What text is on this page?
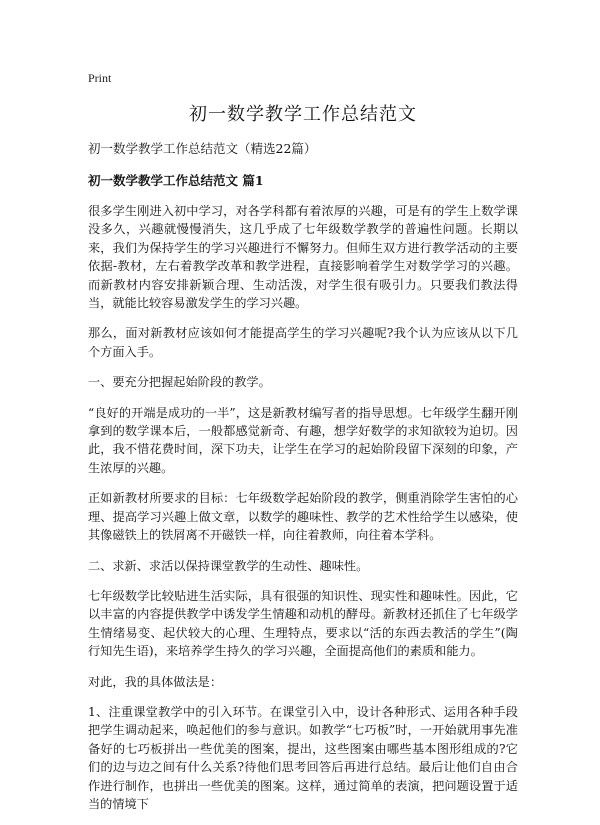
Print
初一数学教学工作总结范文
初一数学教学工作总结范文（精选22篇）
初一数学教学工作总结范文 篇1

很多学生刚进入初中学习，对各学科都有着浓厚的兴趣，可是有的学生上数学课没多久，兴趣就慢慢消失，这几乎成了七年级数学教学的普遍性问题。长期以来，我们为保持学生的学习兴趣进行不懈努力。但师生双方进行教学活动的主要依据-教材，左右着教学改革和教学进程，直接影响着学生对数学学习的兴趣。而新教材内容安排新颖合理、生动活泼，对学生很有吸引力。只要我们教法得当，就能比较容易激发学生的学习兴趣。

那么，面对新教材应该如何才能提高学生的学习兴趣呢?我个认为应该从以下几个方面入手。

一、要充分把握起始阶段的教学。

“良好的开端是成功的一半”，这是新教材编写者的指导思想。七年级学生翻开刚拿到的数学课本后，一般都感觉新奇、有趣，想学好数学的求知欲较为迫切。因此，我不惜花费时间，深下功夫，让学生在学习的起始阶段留下深刻的印象，产生浓厚的兴趣。

正如新教材所要求的目标：七年级数学起始阶段的教学，侧重消除学生害怕的心理、提高学习兴趣上做文章，以数学的趣味性、教学的艺术性给学生以感染，使其像磁铁上的铁屑离不开磁铁一样，向往着教师，向往着本学科。

二、求新、求活以保持课堂教学的生动性、趣味性。

七年级数学比较贴进生活实际，具有很强的知识性、现实性和趣味性。因此，它以丰富的内容提供教学中诱发学生情趣和动机的酵母。新教材还抓住了七年级学生情绪易变、起伏较大的心理、生理特点，要求以“活的东西去教活的学生”(陶行知先生语)，来培养学生持久的学习兴趣，全面提高他们的素质和能力。

对此，我的具体做法是：

1、注重课堂教学中的引入环节。在课堂引入中，设计各种形式、运用各种手段把学生调动起来，唤起他们的参与意识。如教学“七巧板”时，一开始就用事先准备好的七巧板拼出一些优美的图案，提出，这些图案由哪些基本图形组成的?它们的边与边之间有什么关系?待他们思考回答后再进行总结。最后让他们自由合作进行制作，也拼出一些优美的图案。这样，通过简单的表演，把问题设置于适当的情境下
